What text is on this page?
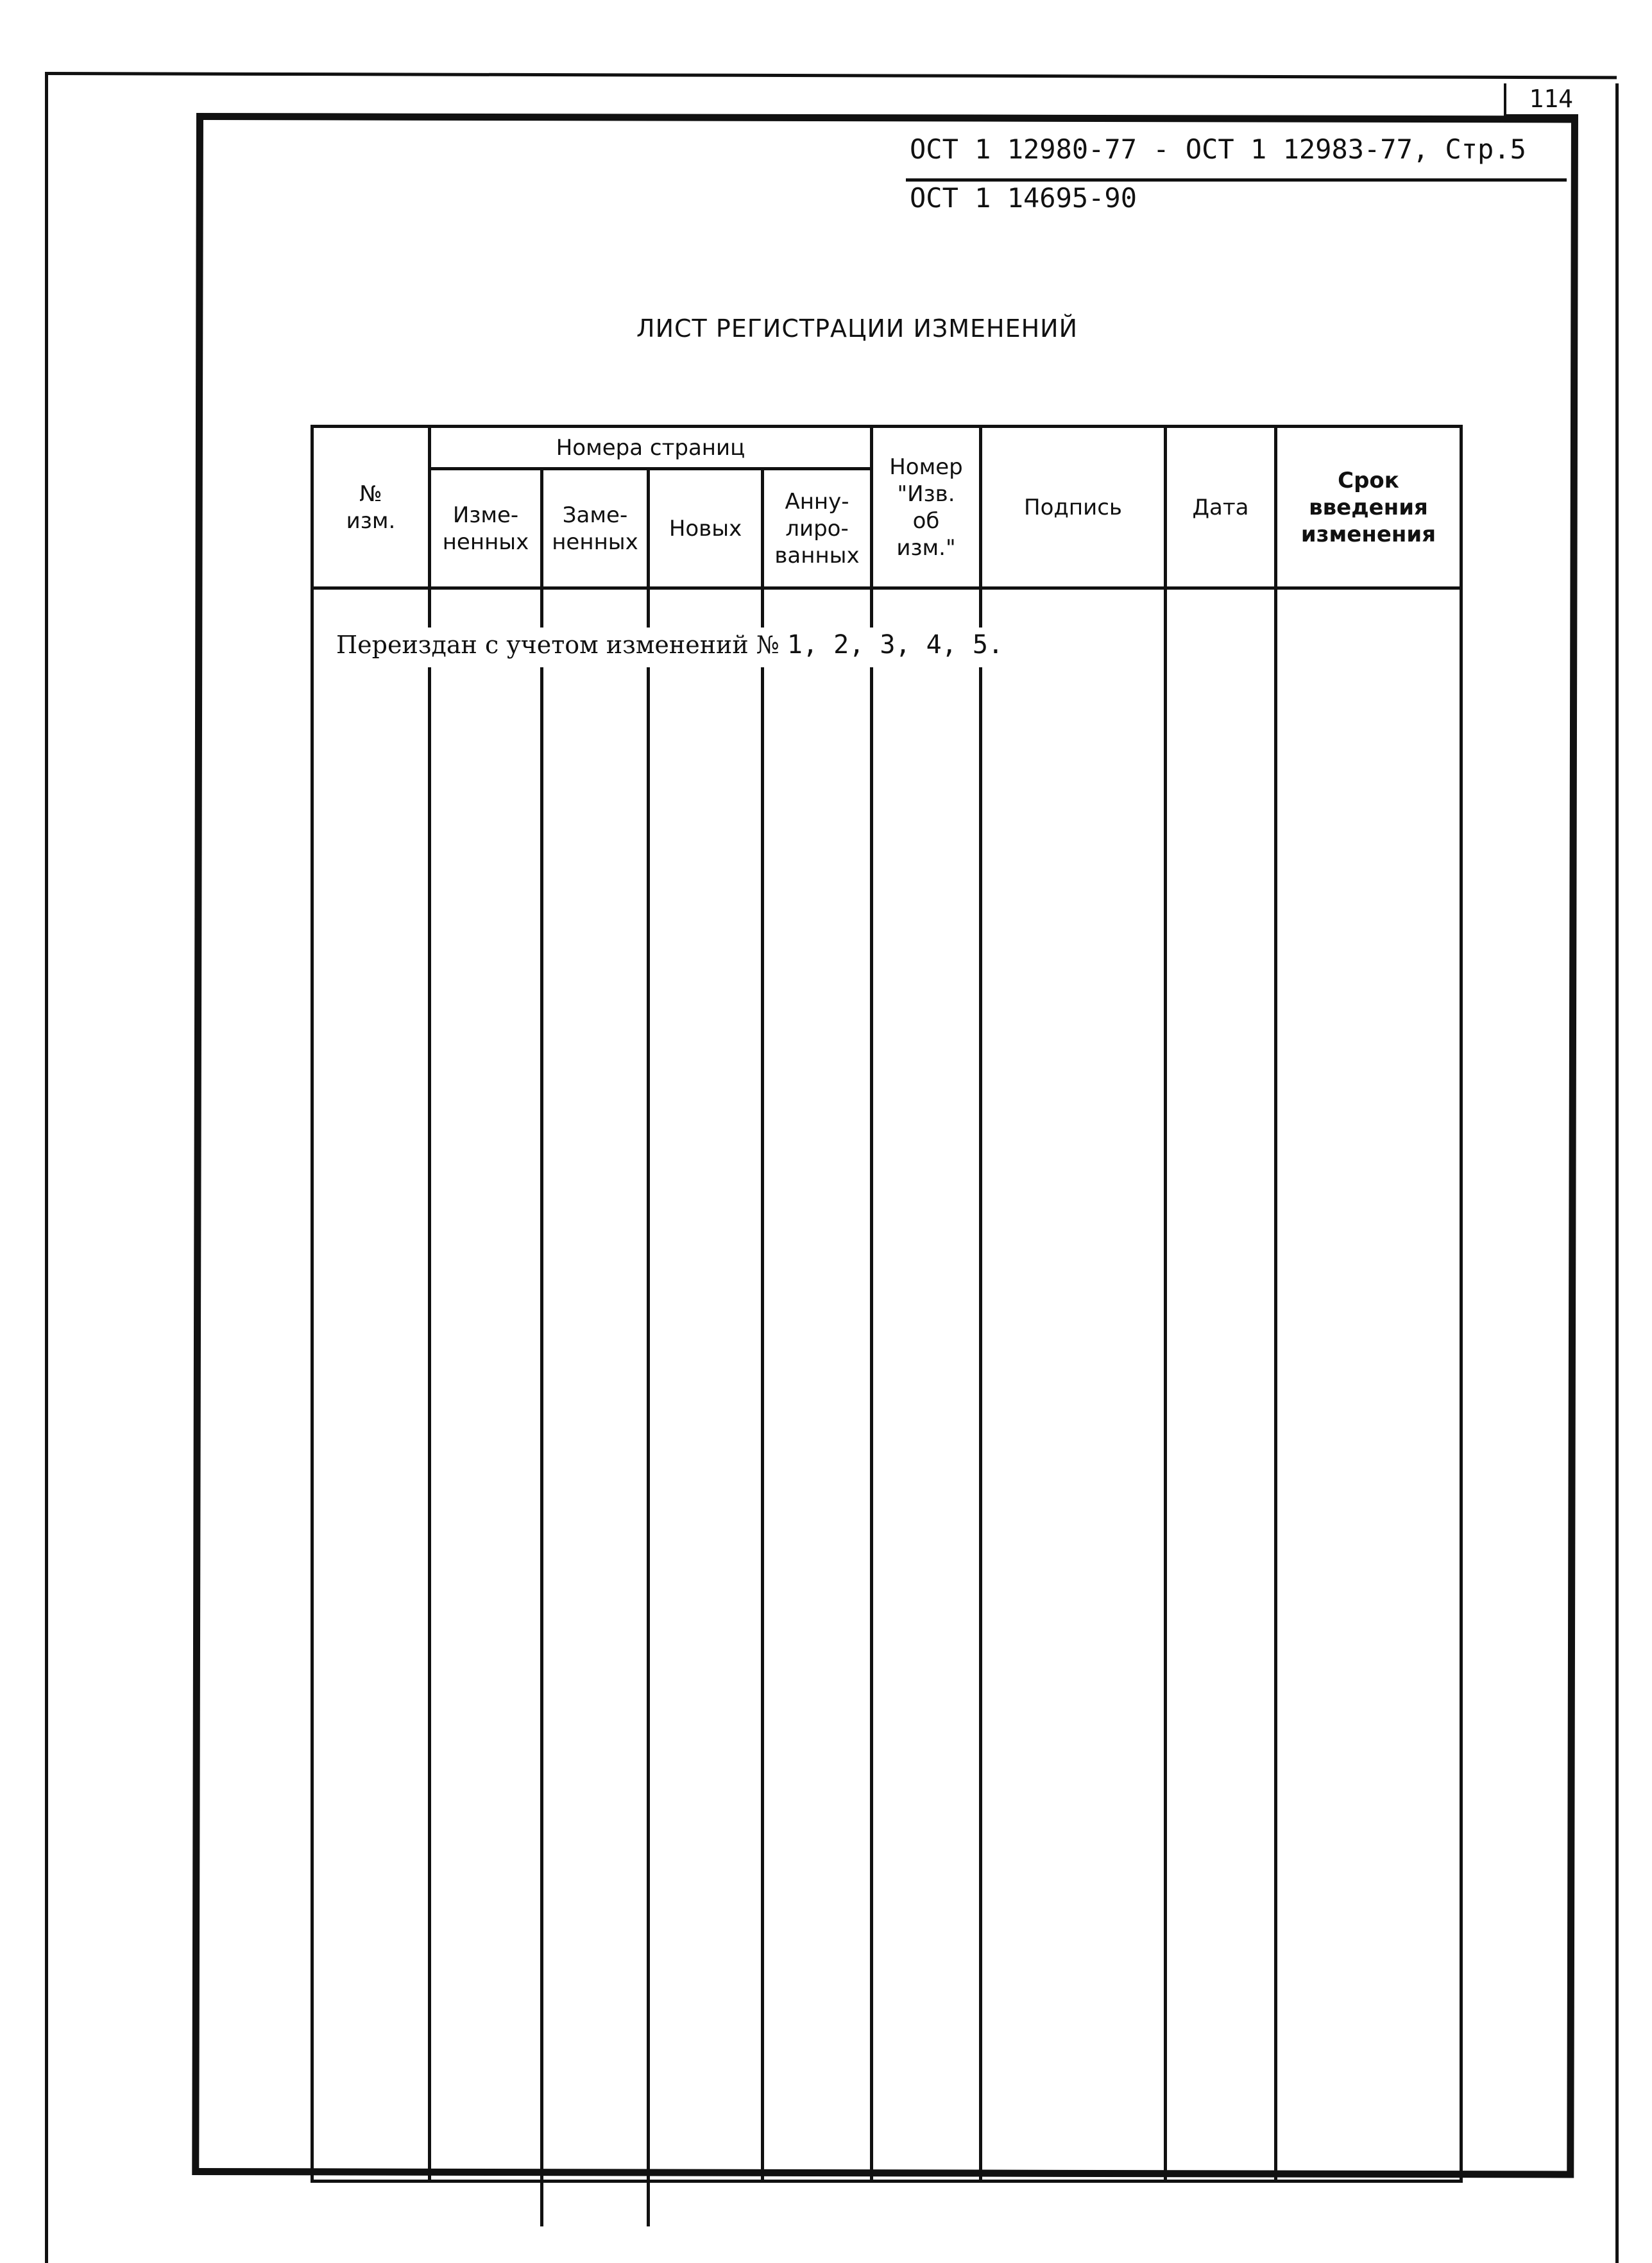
114
ОСТ 1 12980-77 - ОСТ 1 12983-77, Стр.5
ОСТ 1 14695-90
ЛИСТ РЕГИСТРАЦИИ ИЗМЕНЕНИЙ
№
изм.
Номера страниц
Изме-
ненных
Заме-
ненных
Новых
Анну-
лиро-
ванных
Номер
"Изв.
об
изм."
Подпись	Дата
Срок
введения
изменения
Переиздан с учетом изменений № 1, 2, 3, 4, 5.
